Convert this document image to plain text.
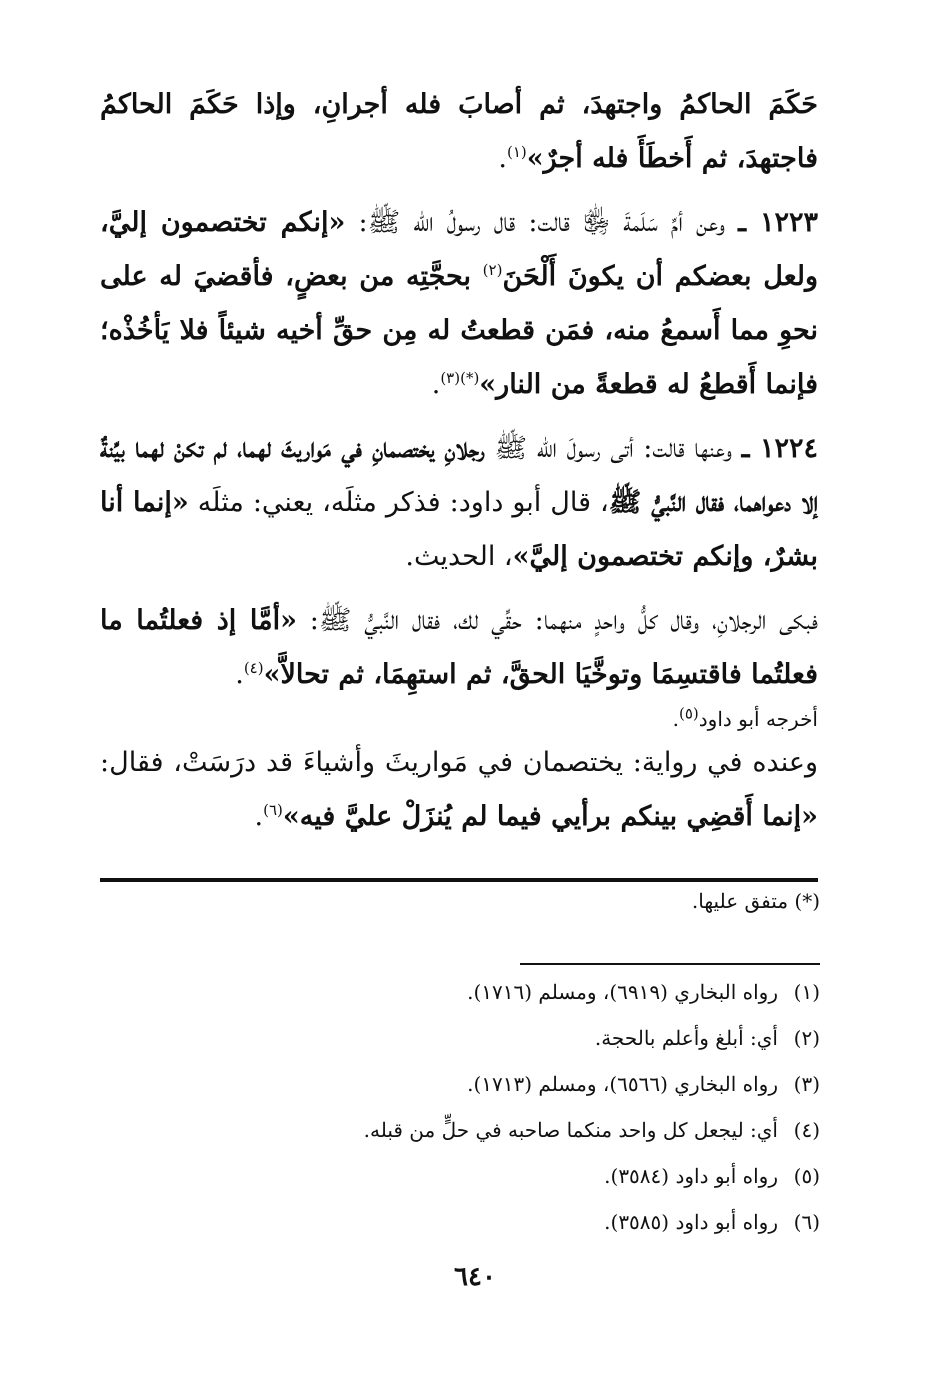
حَكَمَ الحاكمُ واجتهدَ، ثم أصابَ فله أجرانِ، وإذا حَكَمَ الحاكمُ فاجتهدَ، ثم أَخطَأَ فله أجرٌ»$^{(١)}$.

١٢٢٣ ـ وعن أمِّ سَلَمةَ ﵂ قالت: قال رسولُ الله ﷺ: «إنكم تختصمون إليَّ، ولعل بعضكم أن يكونَ أَلْحَنَ$^{(٢)}$ بحجَّتِه من بعضٍ، فأقضيَ له على نحوِ مما أَسمعُ منه، فمَن قطعتُ له مِن حقِّ أخيه شيئاً فلا يَأخُذْه؛ فإنما أَقطعُ له قطعةً من النار»$^{(*)(٣)}$.

١٢٢٤ ـ وعنها قالت: أتى رسولَ الله ﷺ رجلانِ يختصمانِ في مَواريثَ لهما، لم تكنْ لهما بيِّنةٌ إلا دعواهما، فقال النَّبيُّ ﷺ، قال أبو داود: فذكر مثلَه، يعني: مثلَه «إنما أنا بشرٌ، وإنكم تختصمون إليَّ»، الحديث.

فبكى الرجلانِ، وقال كلُّ واحدٍ منهما: حقِّي لك، فقال النَّبيُّ ﷺ: «أمَّا إذ فعلتُما ما فعلتُما فاقتسِمَا وتوخَّيَا الحقَّ، ثم استهِمَا، ثم تحالاَّ»$^{(٤)}$.

أخرجه أبو داود$^{(٥)}$.

وعنده في رواية: يختصمان في مَواريثَ وأشياءَ قد درَسَتْ، فقال: «إنما أَقضِي بينكم برأيي فيما لم يُنزَلْ عليَّ فيه»$^{(٦)}$.

(*) متفق عليها.
(١)
رواه البخاري (٦٩١٩)، ومسلم (١٧١٦).
(٢)
أي: أبلغ وأعلم بالحجة.
(٣)
رواه البخاري (٦٥٦٦)، ومسلم (١٧١٣).
(٤)
أي: ليجعل كل واحد منكما صاحبه في حلٍّ من قبله.
(٥)
رواه أبو داود (٣٥٨٤).
(٦)
رواه أبو داود (٣٥٨٥).
٦٤٠
